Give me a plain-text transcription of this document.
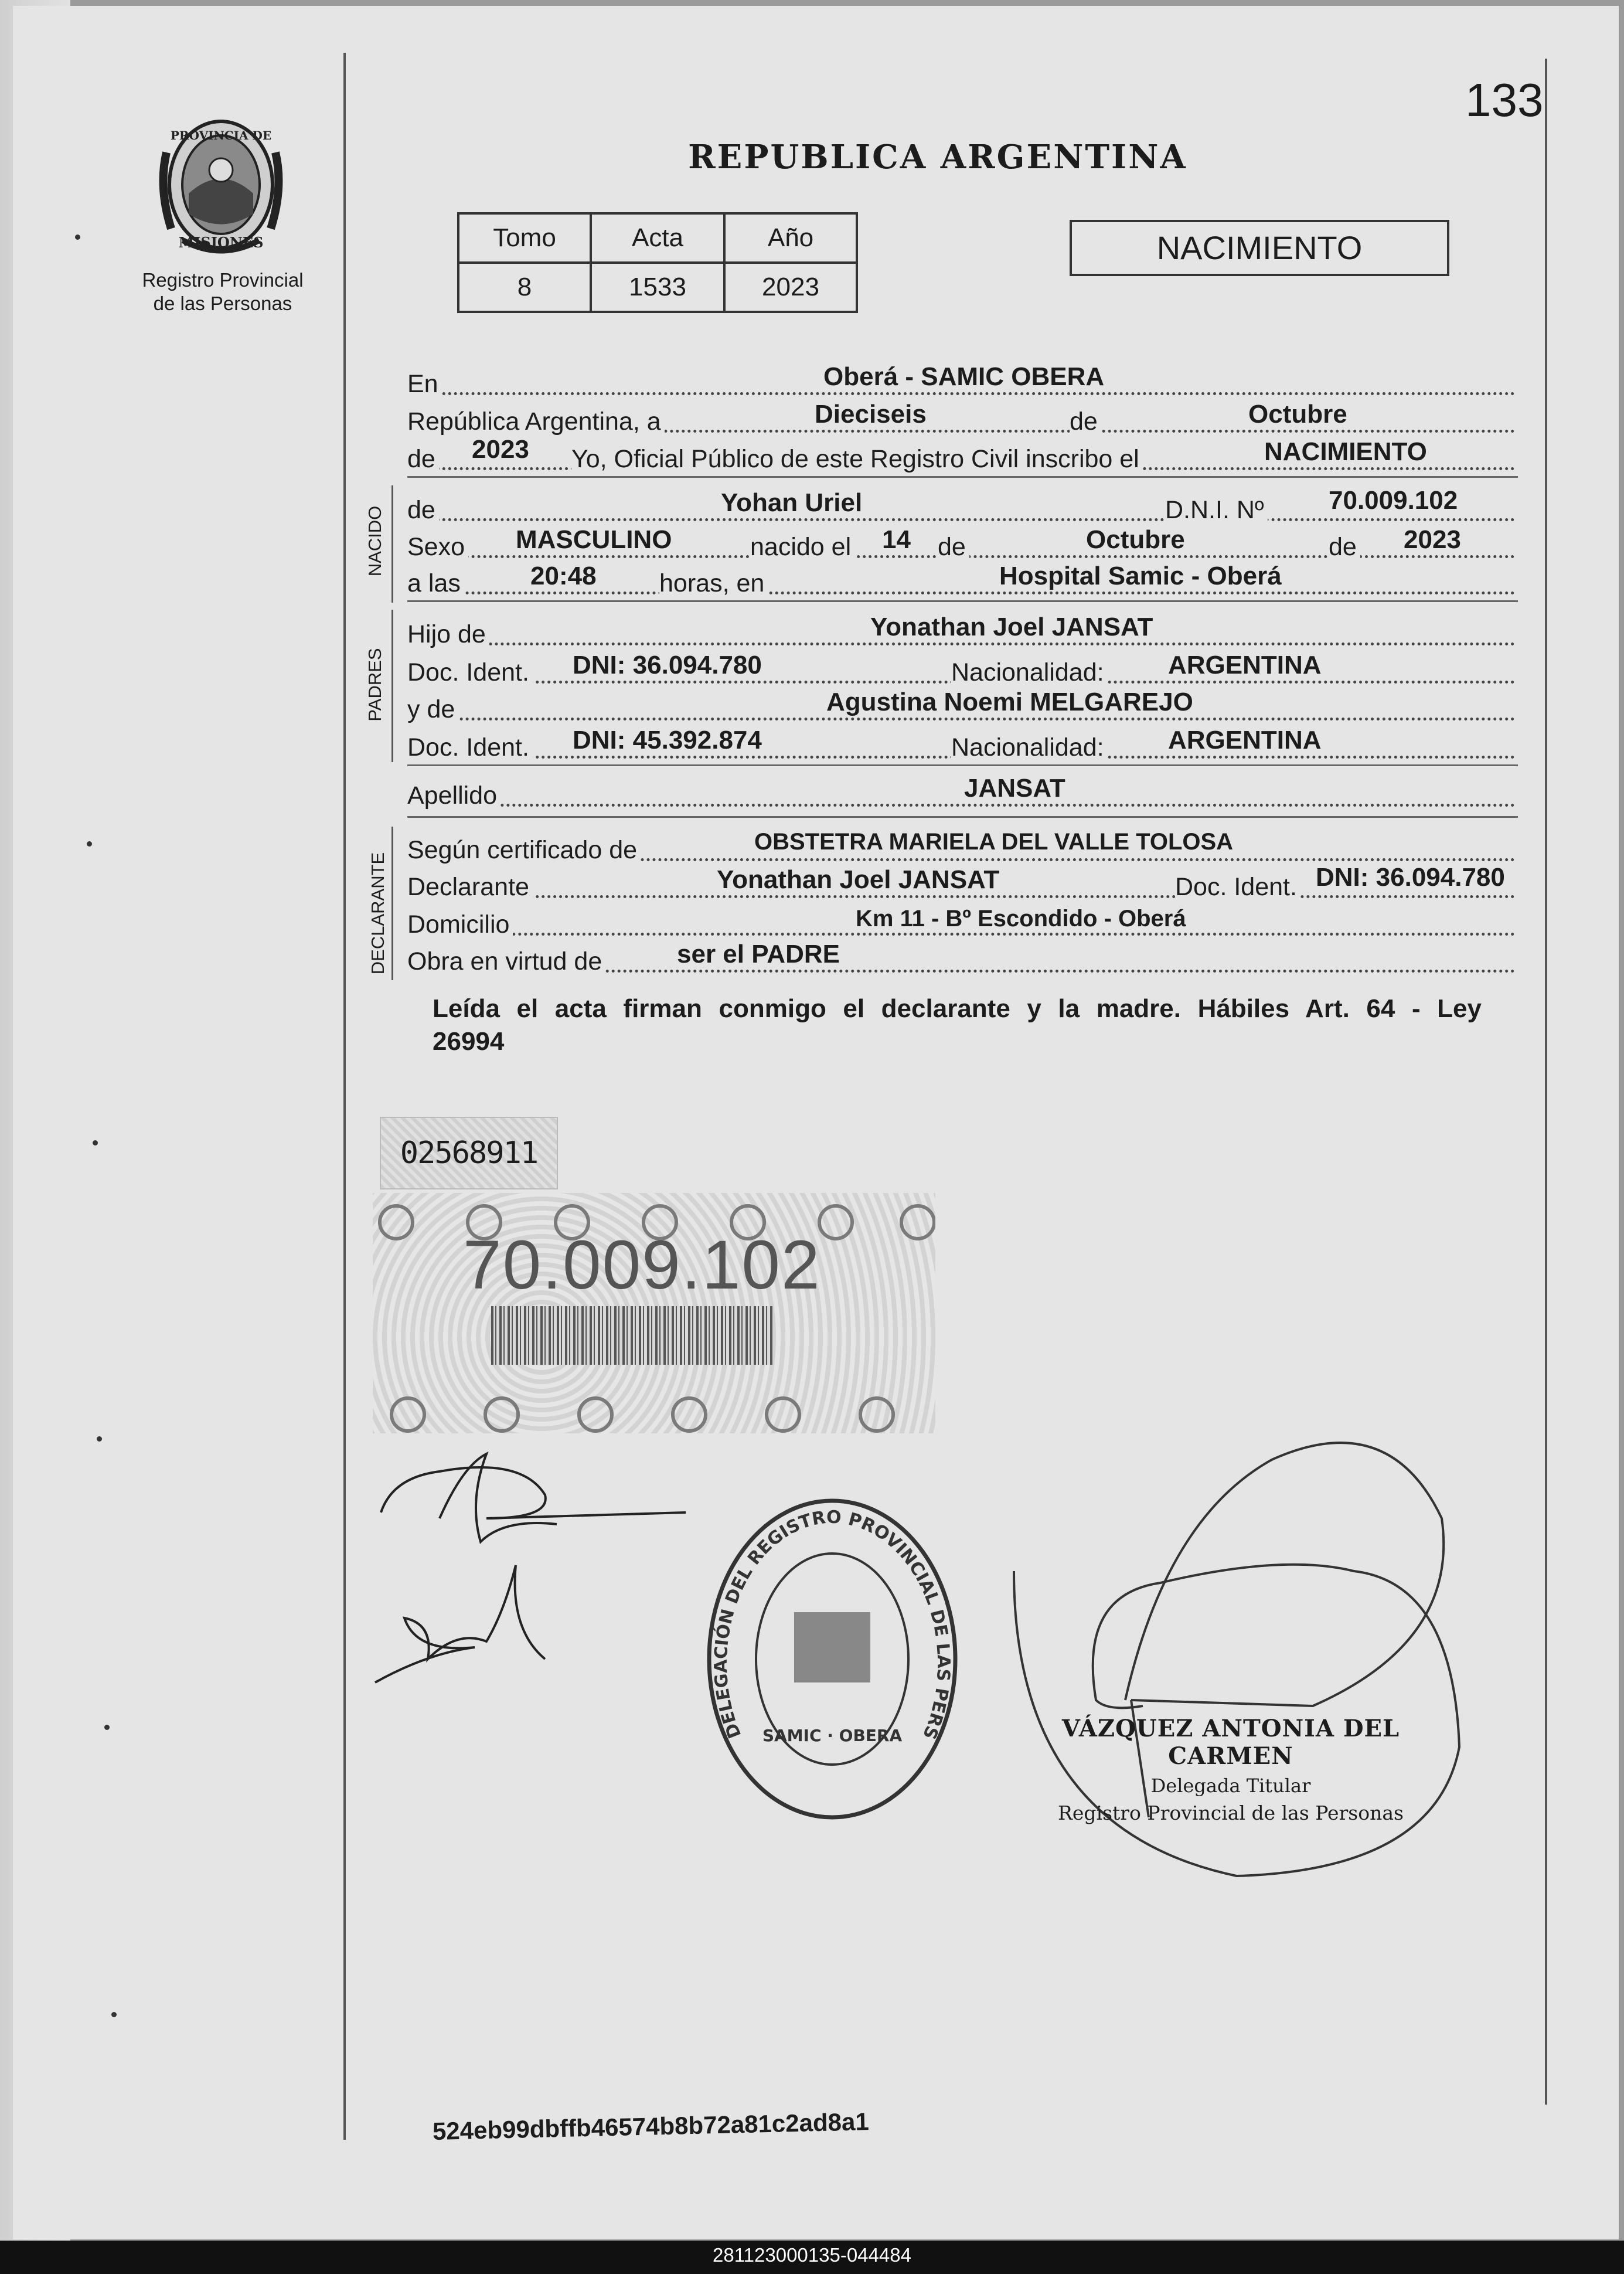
133
PROVINCIA DE
MISIONES
Registro Provincial
de las Personas
REPUBLICA ARGENTINA
Tomo	Acta	Año
8	1533	2023
NACIMIENTO
En	Oberá - SAMIC OBERA
República Argentina, a	Dieciseis	de	Octubre
de 2023 Yo, Oficial Público de este Registro Civil inscribo el	NACIMIENTO
NACIDO de	Yohan Uriel	D.N.I. Nº	70.009.102
Sexo MASCULINO	nacido el 14 de	Octubre	de 2023
a las	20:48 horas, en	Hospital Samic - Oberá
PADRES
Hijo de	Yonathan Joel JANSAT
Doc. Ident. DNI: 36.094.780	Nacionalidad: ARGENTINA
y de	Agustina Noemi MELGAREJO
Doc. Ident. DNI: 45.392.874	Nacionalidad: ARGENTINA
Apellido	JANSAT
DECLARANTE
Según certificado de	OBSTETRA MARIELA DEL VALLE TOLOSA
Declarante	Yonathan Joel JANSAT	Doc. Ident. DNI: 36.094.780
Domicilio	Km 11 - Bº Escondido - Oberá
Obra en virtud de	ser el PADRE
Leída el acta firman conmigo el declarante y la madre. Hábiles Art. 64 - Ley
26994
02568911
70.009.102
DELEGACIÓN DEL REGISTRO PROVINCIAL DE LAS PERS
SAMIC · OBERA	VÁZQUEZ ANTONIA DEL CARMEN
Delegada Titular
Registro Provincial de las Personas
524eb99dbffb46574b8b72a81c2ad8a1
281123000135-044484
